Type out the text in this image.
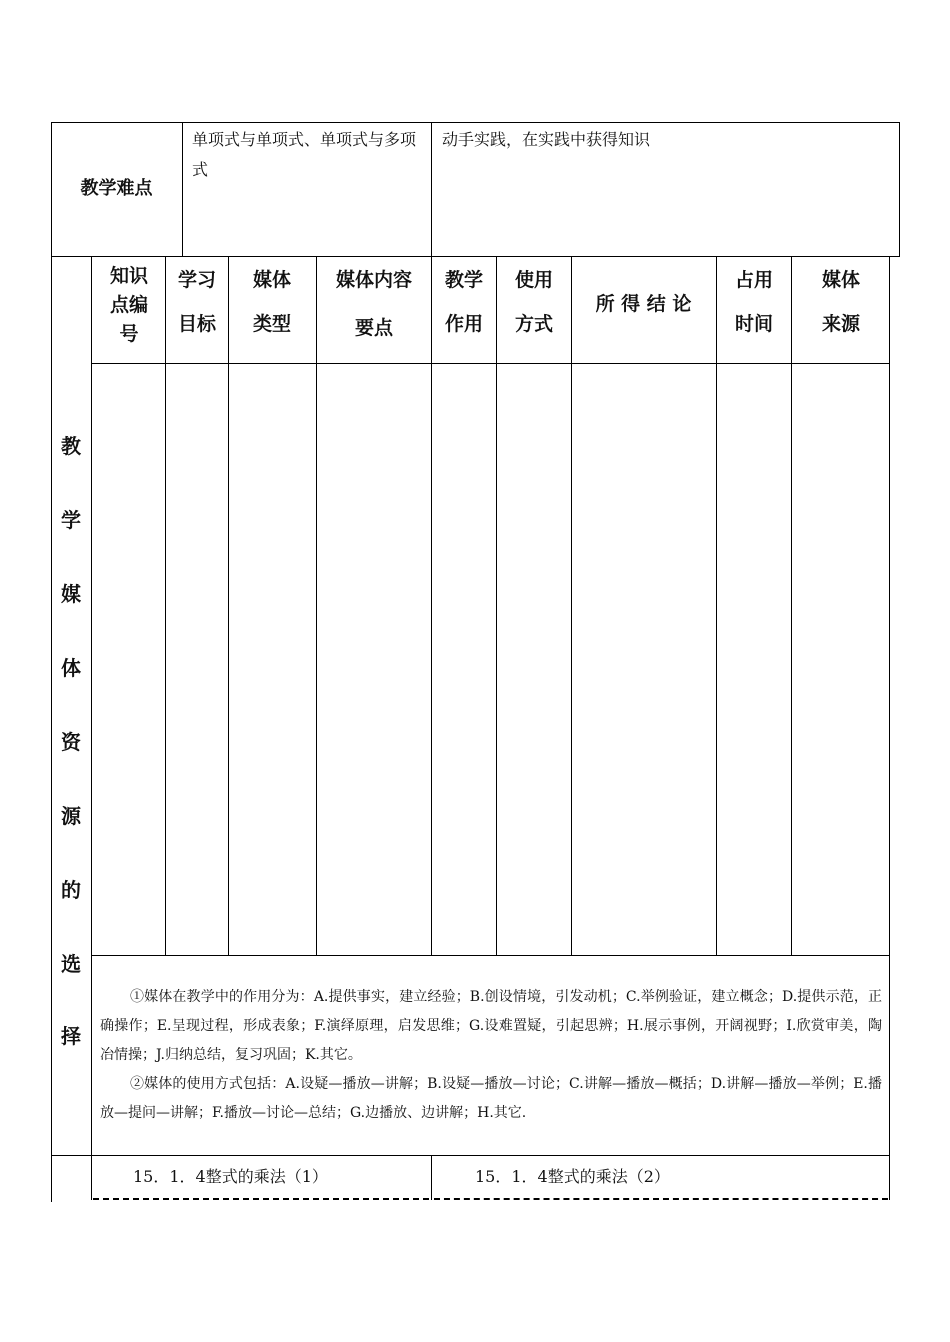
教学难点
单项式与单项式、单项式与多项式
动手实践，在实践中获得知识
知识点编号
学习目标
媒体类型
媒体内容要点
教学作用
使用方式
所 得 结 论
占用时间
媒体来源
教
学
媒
体
资
源
的
选
择

①媒体在教学中的作用分为：A.提供事实，建立经验；B.创设情境，引发动机；C.举例验证，建立概念；D.提供示范，正确操作；E.呈现过程，形成表象；F.演绎原理，启发思维；G.设难置疑，引起思辨；H.展示事例，开阔视野；I.欣赏审美，陶冶情操；J.归纳总结，复习巩固；K.其它。

②媒体的使用方式包括：A.设疑—播放—讲解；B.设疑—播放—讨论；C.讲解—播放—概括；D.讲解—播放—举例；E.播放—提问—讲解；F.播放—讨论—总结；G.边播放、边讲解；H.其它.

15．1．4整式的乘法（1）	15．1．4整式的乘法（2）
